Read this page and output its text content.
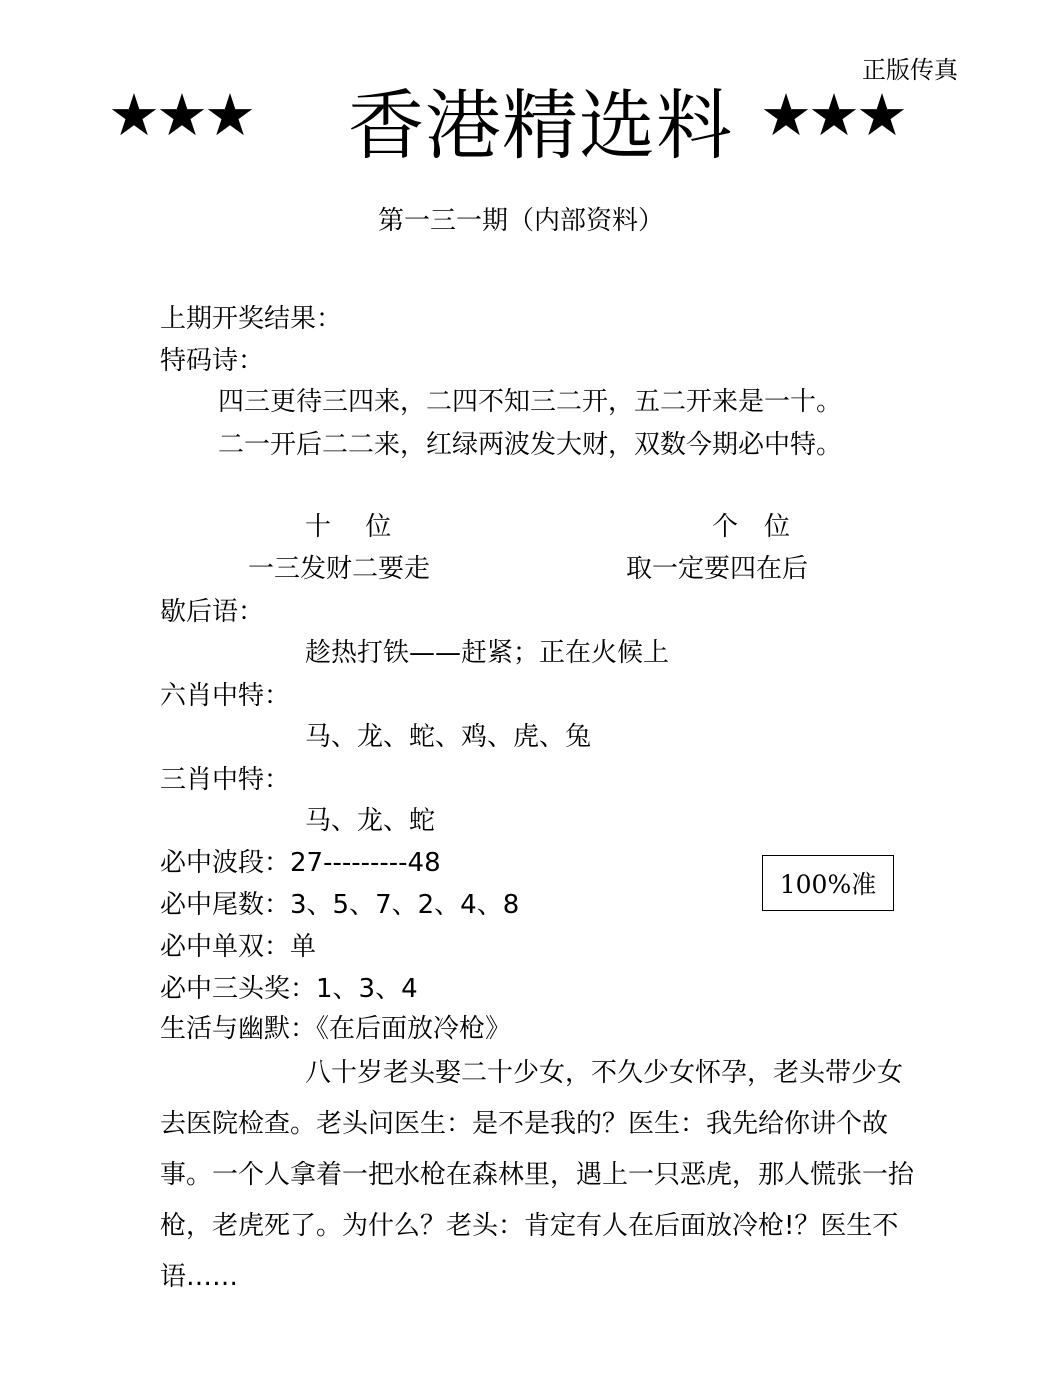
正版传真
★★★ 香港精选料 ★★★
第一三一期（内部资料）
上期开奖结果：
特码诗：
四三更待三四来，二四不知三二开，五二开来是一十。
二一开后二二来，红绿两波发大财，双数今期必中特。
十　 位	个　位
一三发财二要走	取一定要四在后
歇后语：
趁热打铁——赶紧；正在火候上
六肖中特：
马、龙、蛇、鸡、虎、兔
三肖中特：
马、龙、蛇
必中波段：27---------48
必中尾数：3、5、7、2、4、8
必中单双：单
必中三头奖：1、3、4
生活与幽默：《在后面放冷枪》
100%准

八十岁老头娶二十少女，不久少女怀孕，老头带少女去医院检查。老头问医生：是不是我的？医生：我先给你讲个故事。一个人拿着一把水枪在森林里，遇上一只恶虎，那人慌张一抬枪，老虎死了。为什么？老头：肯定有人在后面放冷枪!？医生不语……
